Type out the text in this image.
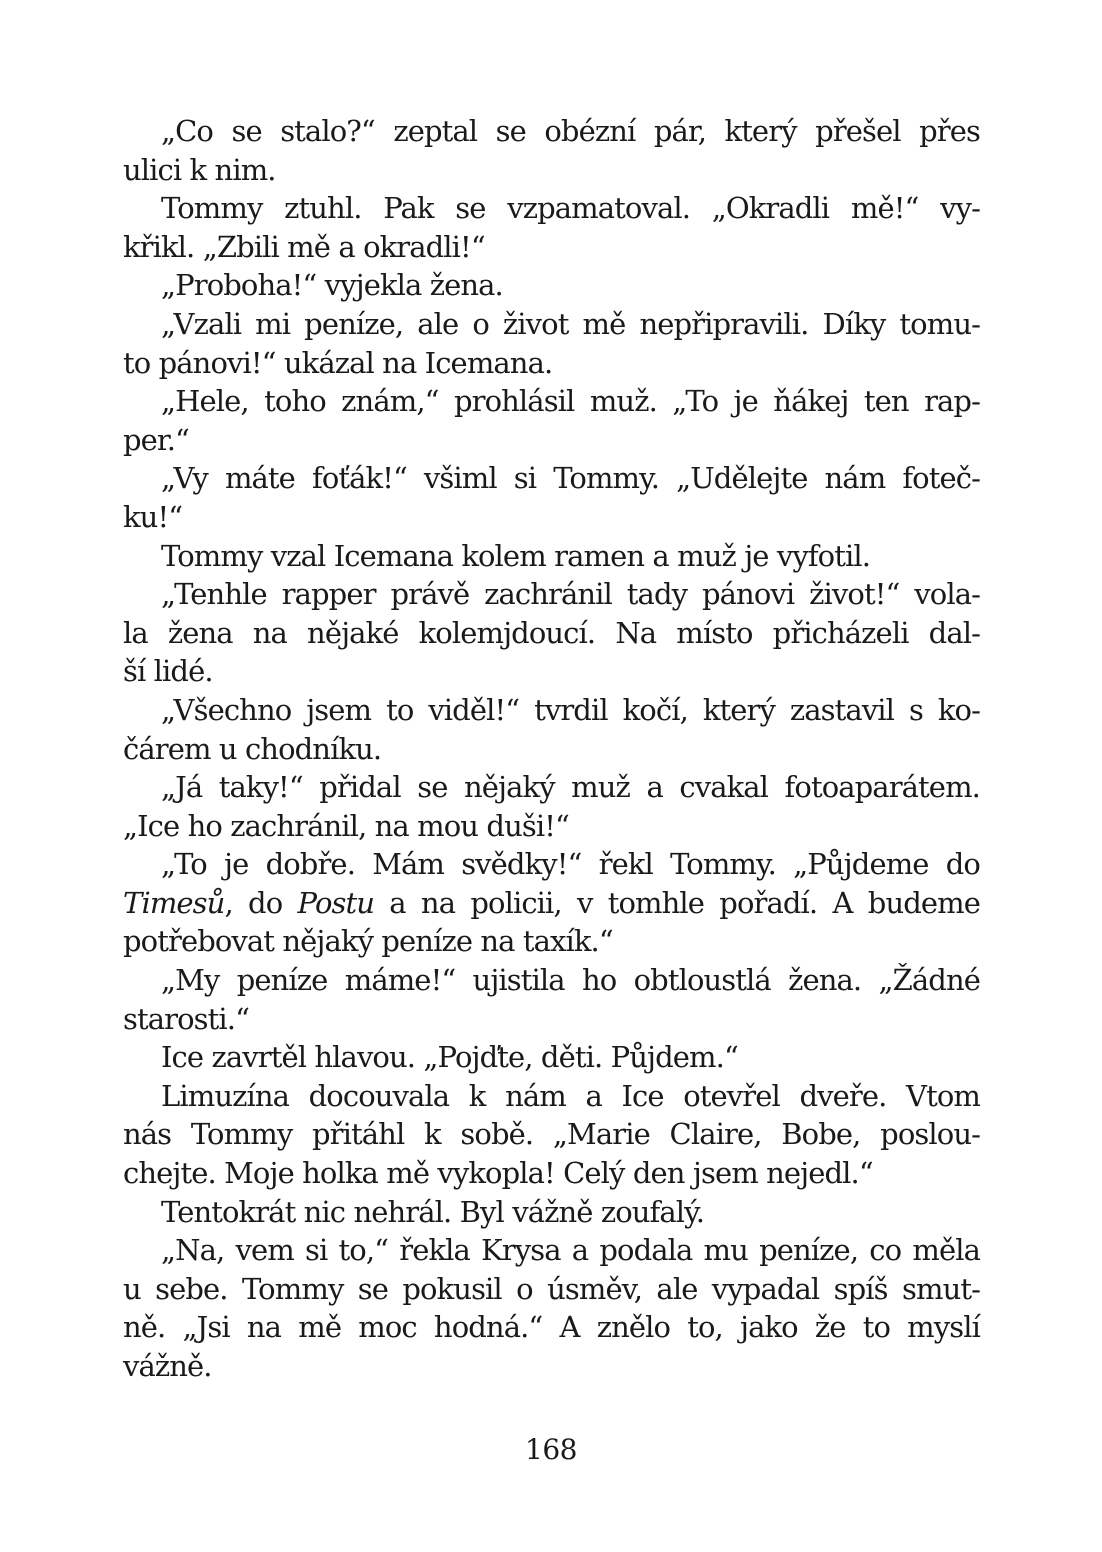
„Co se stalo?“ zeptal se obézní pár, který přešel přes
ulici k nim.

Tommy ztuhl. Pak se vzpamatoval. „Okradli mě!“ vy-
křikl. „Zbili mě a okradli!“

„Proboha!“ vyjekla žena.

„Vzali mi peníze, ale o život mě nepřipravili. Díky tomu-
to pánovi!“ ukázal na Icemana.

„Hele, toho znám,“ prohlásil muž. „To je ňákej ten rap-
per.“

„Vy máte foťák!“ všiml si Tommy. „Udělejte nám foteč-
ku!“

Tommy vzal Icemana kolem ramen a muž je vyfotil.

„Tenhle rapper právě zachránil tady pánovi život!“ vola-
la žena na nějaké kolemjdoucí. Na místo přicházeli dal-
ší lidé.

„Všechno jsem to viděl!“ tvrdil kočí, který zastavil s ko-
čárem u chodníku.

„Já taky!“ přidal se nějaký muž a cvakal fotoaparátem.
„Ice ho zachránil, na mou duši!“

„To je dobře. Mám svědky!“ řekl Tommy. „Půjdeme do
Timesů, do Postu a na policii, v tomhle pořadí. A budeme
potřebovat nějaký peníze na taxík.“

„My peníze máme!“ ujistila ho obtloustlá žena. „Žádné
starosti.“

Ice zavrtěl hlavou. „Pojďte, děti. Půjdem.“

Limuzína docouvala k nám a Ice otevřel dveře. Vtom
nás Tommy přitáhl k sobě. „Marie Claire, Bobe, poslou-
chejte. Moje holka mě vykopla! Celý den jsem nejedl.“

Tentokrát nic nehrál. Byl vážně zoufalý.

„Na, vem si to,“ řekla Krysa a podala mu peníze, co měla
u sebe. Tommy se pokusil o úsměv, ale vypadal spíš smut-
ně. „Jsi na mě moc hodná.“ A znělo to, jako že to myslí
vážně.

168
